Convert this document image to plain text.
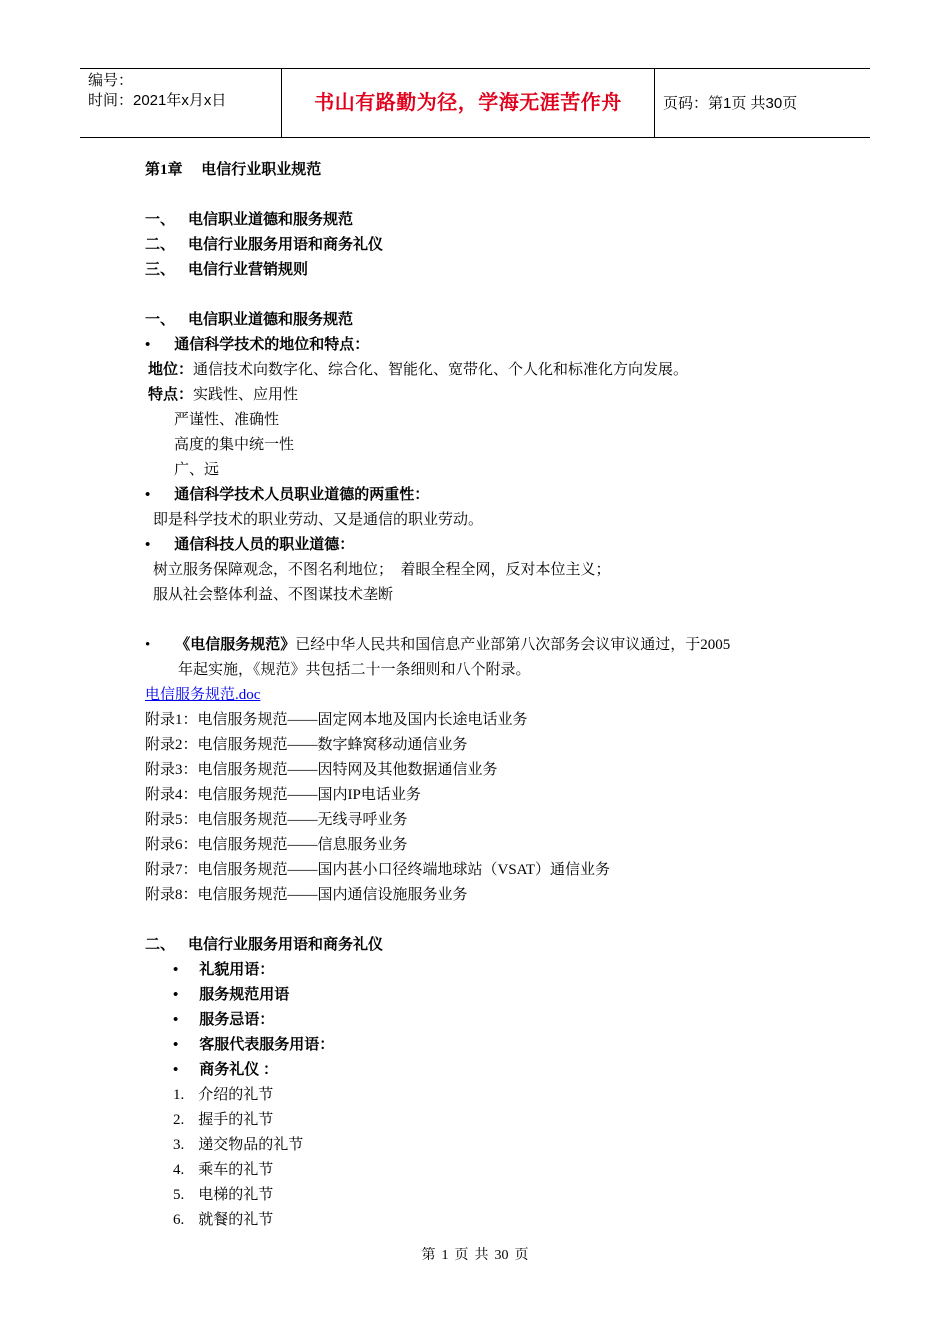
编号：
时间：2021年x月x日	书山有路勤为径，学海无涯苦作舟	页码：第1页 共30页
第1章　 电信行业职业规范
一、 电信职业道德和服务规范
二、 电信行业服务用语和商务礼仪
三、 电信行业营销规则
一、 电信职业道德和服务规范
• 通信科学技术的地位和特点：
地位：通信技术向数字化、综合化、智能化、宽带化、个人化和标准化方向发展。
特点：实践性、应用性
严谨性、准确性
高度的集中统一性
广、远
• 通信科学技术人员职业道德的两重性：
即是科学技术的职业劳动、又是通信的职业劳动。
• 通信科技人员的职业道德：
树立服务保障观念，不图名利地位；　着眼全程全网，反对本位主义；
服从社会整体利益、不图谋技术垄断
• 《电信服务规范》已经中华人民共和国信息产业部第八次部务会议审议通过，于2005
年起实施，《规范》共包括二十一条细则和八个附录。
电信服务规范.doc
附录1：电信服务规范——固定网本地及国内长途电话业务
附录2：电信服务规范——数字蜂窝移动通信业务
附录3：电信服务规范——因特网及其他数据通信业务
附录4：电信服务规范——国内IP电话业务
附录5：电信服务规范——无线寻呼业务
附录6：电信服务规范——信息服务业务
附录7：电信服务规范——国内甚小口径终端地球站（VSAT）通信业务
附录8：电信服务规范——国内通信设施服务业务
二、 电信行业服务用语和商务礼仪
• 礼貌用语：
• 服务规范用语
• 服务忌语：
• 客服代表服务用语：
• 商务礼仪 ：
1. 介绍的礼节
2. 握手的礼节
3. 递交物品的礼节
4. 乘车的礼节
5. 电梯的礼节
6. 就餐的礼节
第 1 页 共 30 页
